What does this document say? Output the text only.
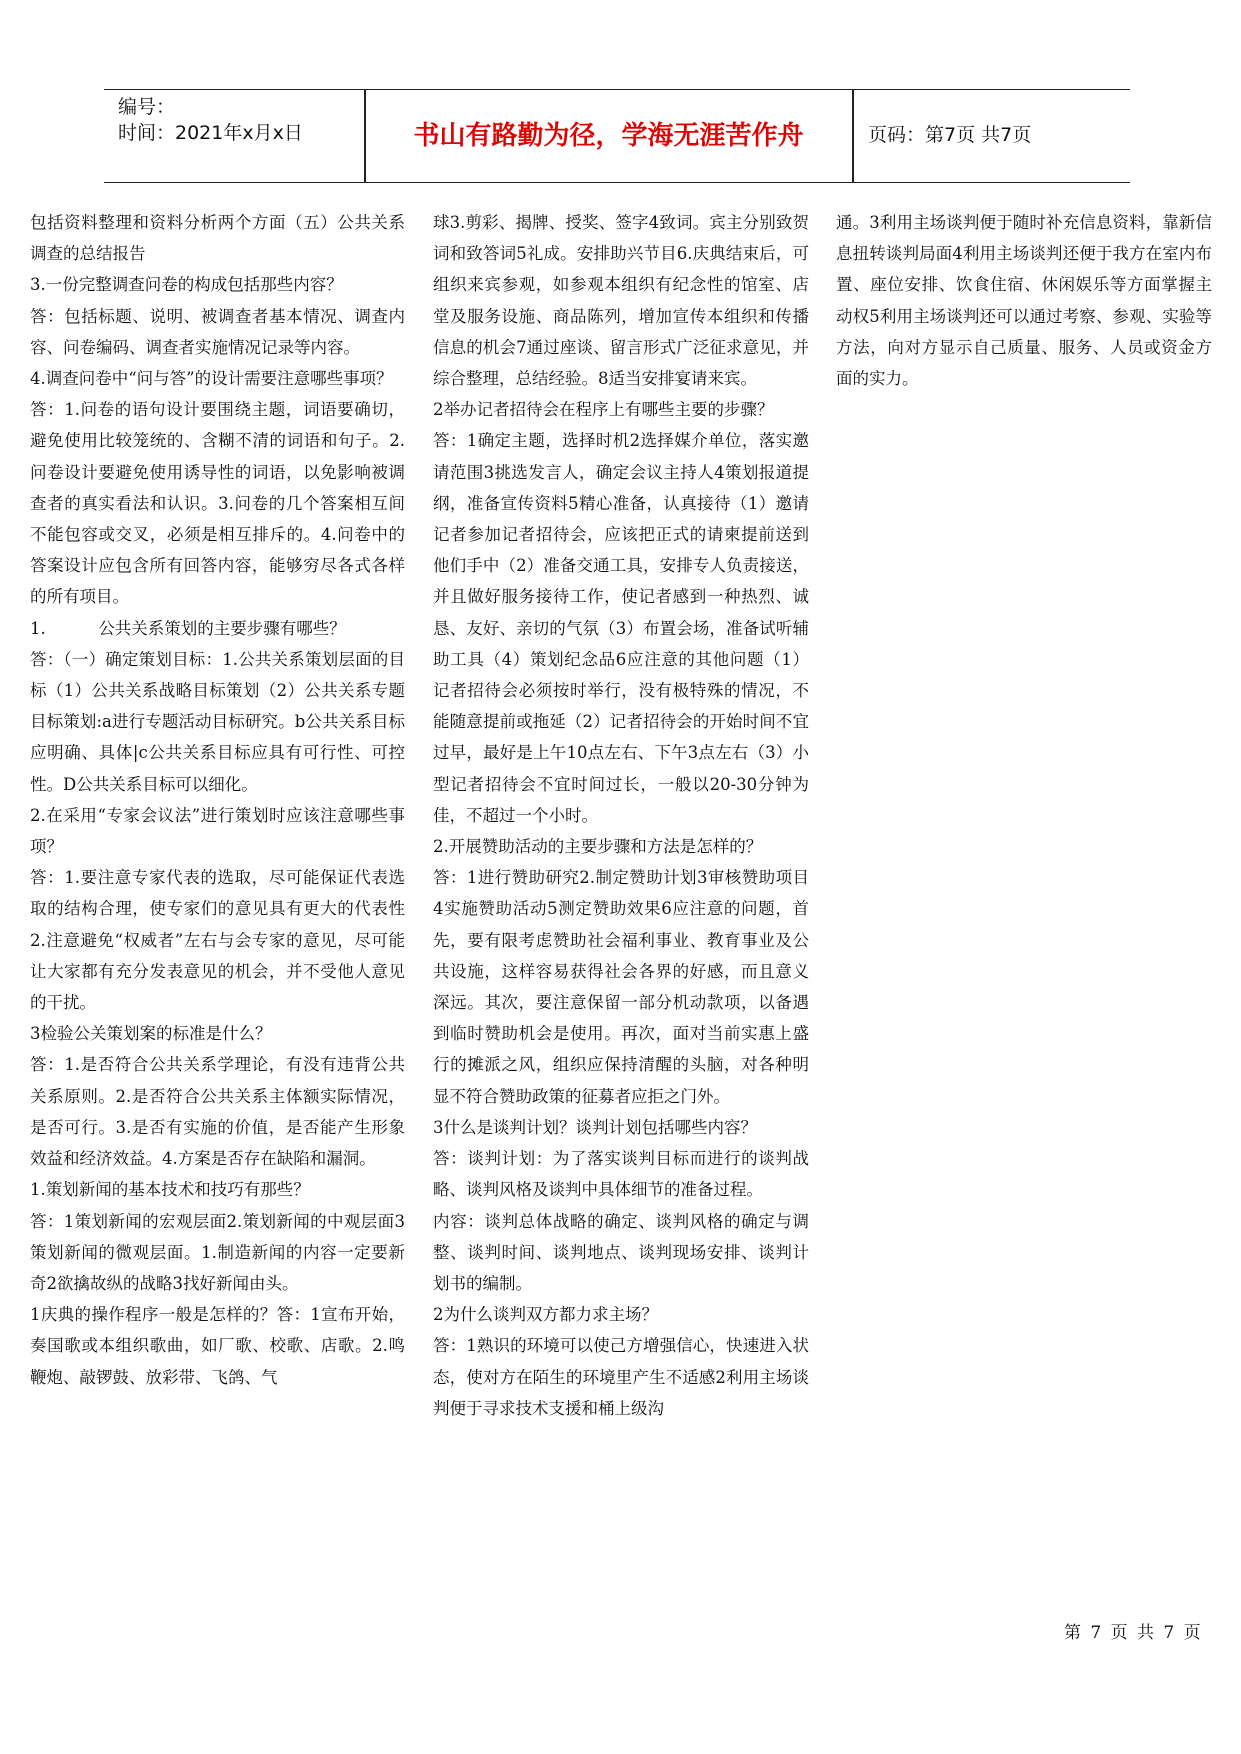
编号：
时间：2021年x月x日	书山有路勤为径，学海无涯苦作舟	页码：第7页 共7页

包括资料整理和资料分析两个方面（五）公共关系调查的总结报告

3.一份完整调查问卷的构成包括那些内容？

答：包括标题、说明、被调查者基本情况、调查内容、问卷编码、调查者实施情况记录等内容。

4.调查问卷中“问与答”的设计需要注意哪些事项？

答：1.问卷的语句设计要围绕主题，词语要确切，避免使用比较笼统的、含糊不清的词语和句子。2.问卷设计要避免使用诱导性的词语，以免影响被调查者的真实看法和认识。3.问卷的几个答案相互间不能包容或交叉，必须是相互排斥的。4.问卷中的答案设计应包含所有回答内容，能够穷尽各式各样的所有项目。

1.          公共关系策划的主要步骤有哪些？

答：（一）确定策划目标：1.公共关系策划层面的目标（1）公共关系战略目标策划（2）公共关系专题目标策划:a进行专题活动目标研究。b公共关系目标应明确、具体|c公共关系目标应具有可行性、可控性。D公共关系目标可以细化。

2.在采用“专家会议法”进行策划时应该注意哪些事项？

答：1.要注意专家代表的选取，尽可能保证代表选取的结构合理，使专家们的意见具有更大的代表性2.注意避免“权威者”左右与会专家的意见，尽可能让大家都有充分发表意见的机会，并不受他人意见的干扰。

3检验公关策划案的标准是什么？

答：1.是否符合公共关系学理论，有没有违背公共关系原则。2.是否符合公共关系主体额实际情况，是否可行。3.是否有实施的价值，是否能产生形象效益和经济效益。4.方案是否存在缺陷和漏洞。

1.策划新闻的基本技术和技巧有那些？

答：1策划新闻的宏观层面2.策划新闻的中观层面3策划新闻的微观层面。1.制造新闻的内容一定要新奇2欲擒故纵的战略3找好新闻由头。

1庆典的操作程序一般是怎样的？答：1宣布开始，奏国歌或本组织歌曲，如厂歌、校歌、店歌。2.鸣鞭炮、敲锣鼓、放彩带、飞鸽、气

球3.剪彩、揭牌、授奖、签字4致词。宾主分别致贺词和致答词5礼成。安排助兴节目6.庆典结束后，可组织来宾参观，如参观本组织有纪念性的馆室、店堂及服务设施、商品陈列，增加宣传本组织和传播信息的机会7通过座谈、留言形式广泛征求意见，并综合整理，总结经验。8适当安排宴请来宾。

2举办记者招待会在程序上有哪些主要的步骤？

答：1确定主题，选择时机2选择媒介单位，落实邀请范围3挑选发言人，确定会议主持人4策划报道提纲，准备宣传资料5精心准备，认真接待（1）邀请记者参加记者招待会，应该把正式的请柬提前送到他们手中（2）准备交通工具，安排专人负责接送，并且做好服务接待工作，使记者感到一种热烈、诚恳、友好、亲切的气氛（3）布置会场，准备试听辅助工具（4）策划纪念品6应注意的其他问题（1）记者招待会必须按时举行，没有极特殊的情况，不能随意提前或拖延（2）记者招待会的开始时间不宜过早，最好是上午10点左右、下午3点左右（3）小型记者招待会不宜时间过长，一般以20-30分钟为佳，不超过一个小时。

2.开展赞助活动的主要步骤和方法是怎样的？

答：1进行赞助研究2.制定赞助计划3审核赞助项目4实施赞助活动5测定赞助效果6应注意的问题，首先，要有限考虑赞助社会福利事业、教育事业及公共设施，这样容易获得社会各界的好感，而且意义深远。其次，要注意保留一部分机动款项，以备遇到临时赞助机会是使用。再次，面对当前实惠上盛行的摊派之风，组织应保持清醒的头脑，对各种明显不符合赞助政策的征募者应拒之门外。

3什么是谈判计划？谈判计划包括哪些内容？

答：谈判计划：为了落实谈判目标而进行的谈判战略、谈判风格及谈判中具体细节的准备过程。

内容：谈判总体战略的确定、谈判风格的确定与调整、谈判时间、谈判地点、谈判现场安排、谈判计划书的编制。

2为什么谈判双方都力求主场？

答：1熟识的环境可以使己方增强信心，快速进入状态，使对方在陌生的环境里产生不适感2利用主场谈判便于寻求技术支援和桶上级沟

通。3利用主场谈判便于随时补充信息资料，靠新信息扭转谈判局面4利用主场谈判还便于我方在室内布置、座位安排、饮食住宿、休闲娱乐等方面掌握主动权5利用主场谈判还可以通过考察、参观、实验等方法，向对方显示自己质量、服务、人员或资金方面的实力。

第 7 页 共 7 页
